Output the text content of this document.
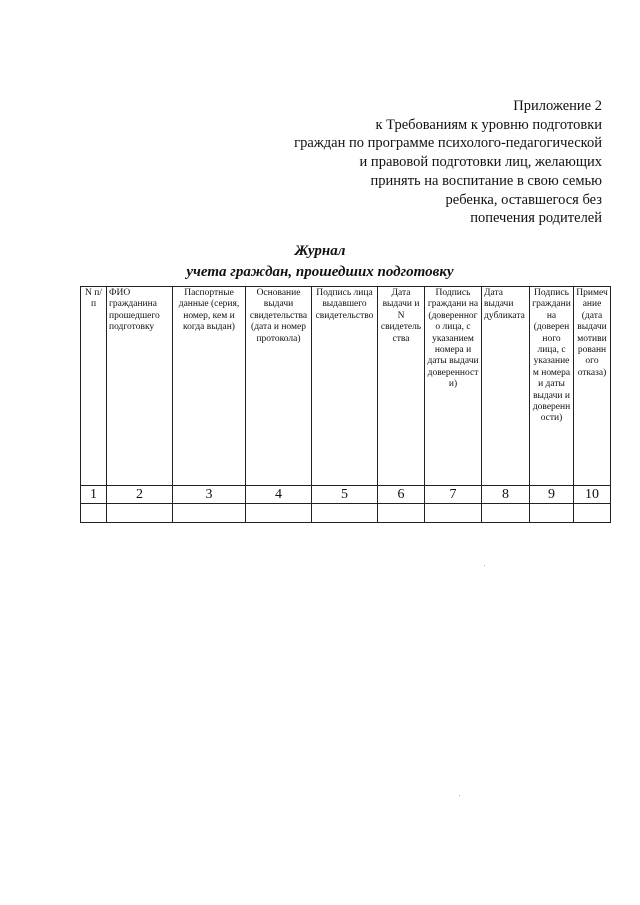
Приложение 2
к Требованиям к уровню подготовки
граждан по программе психолого-педагогической
и правовой подготовки лиц, желающих
принять на воспитание в свою семью
ребенка, оставшегося без
попечения родителей
Журнал
учета граждан, прошедших подготовку
N п/п	ФИО гражданина прошедшего подготовку	Паспортные данные (серия, номер, кем и когда выдан)	Основание выдачи свидетельства (дата и номер протокола)	Подпись лица выдавшего свидетельство	Дата выдачи и N свидетельства	Подпись граждани на (доверенного лица, с указанием номера и даты выдачи доверенности)	Дата выдачи дубликата	Подпись гражданина (доверенного лица, с указанием номера и даты выдачи и доверенности)	Примечание (дата выдачи мотивированного отказа)
1	2	3	4	5	6	7	8	9	10
